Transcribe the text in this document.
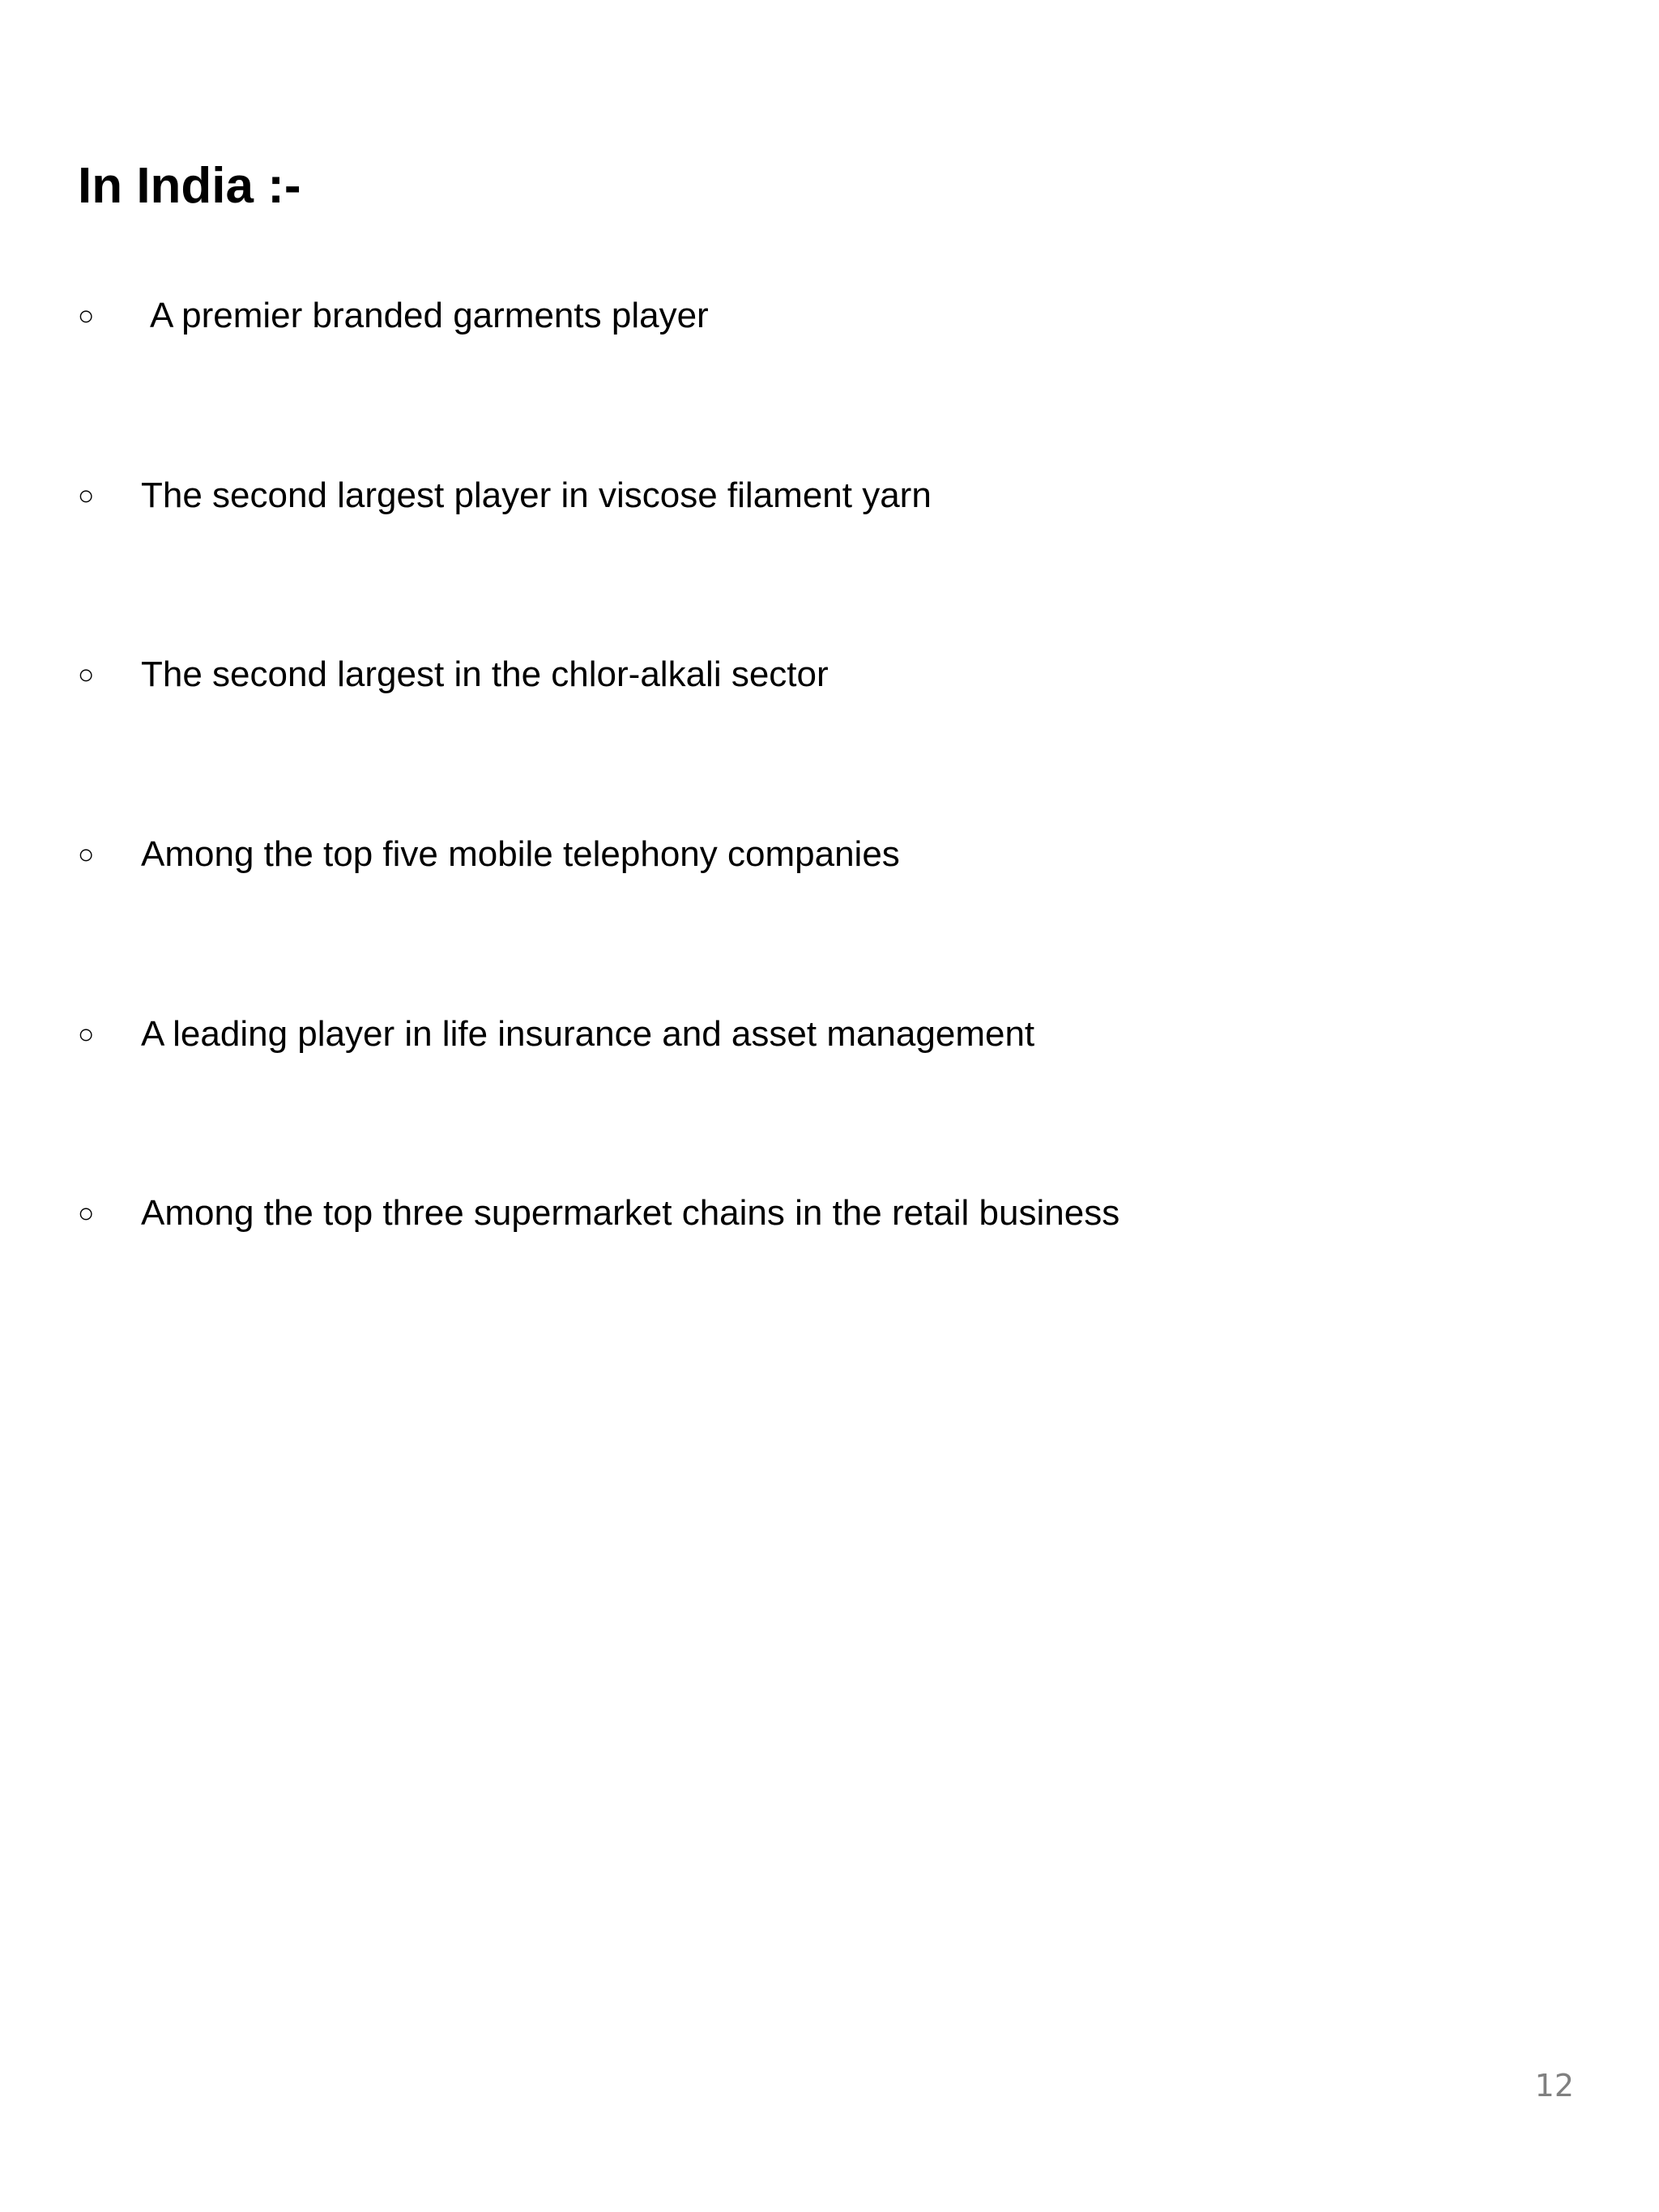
In India :-
○	A premier branded garments player
○	The second largest player in viscose filament yarn
○	The second largest in the chlor-alkali sector
○	Among the top five mobile telephony companies
○	A leading player in life insurance and asset management
○	Among the top three supermarket chains in the retail business
12
